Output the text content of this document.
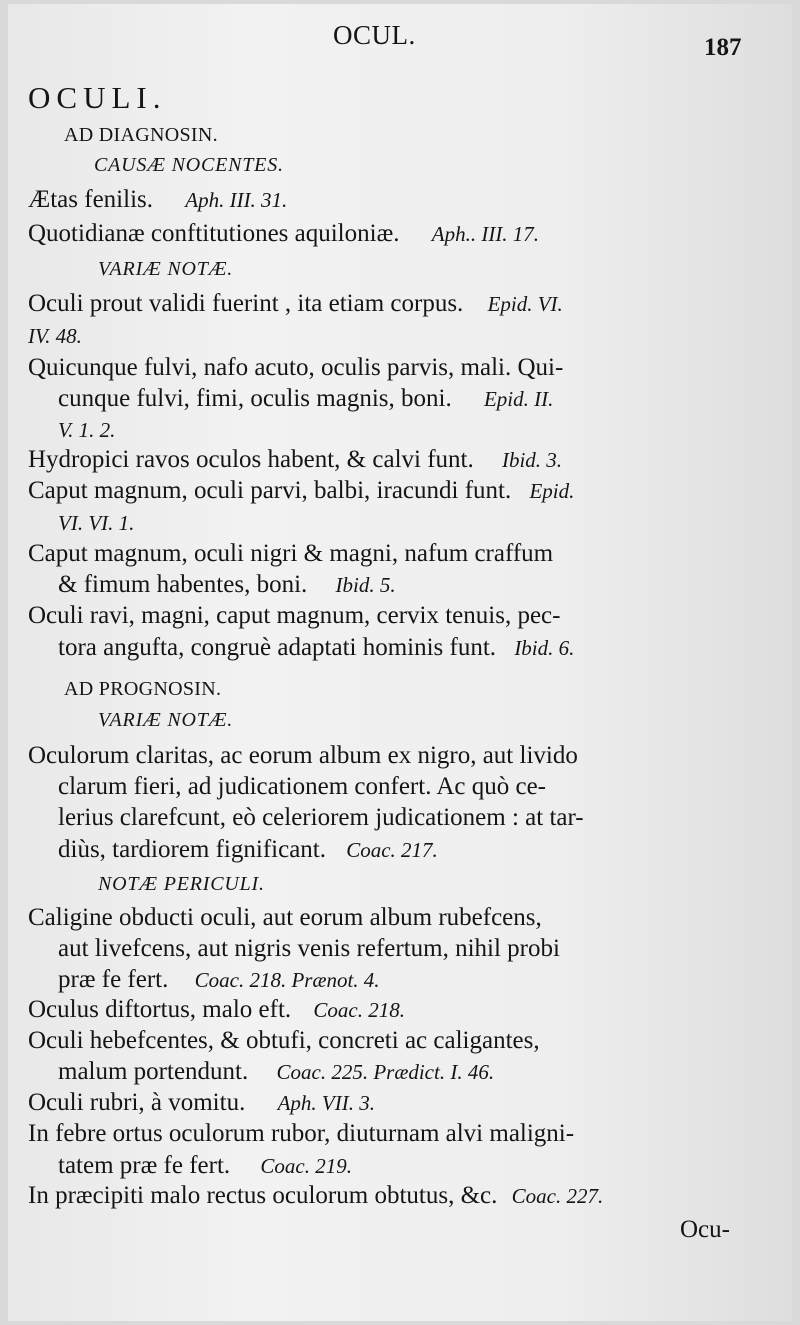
OCUL.	187
OCULI.
AD DIAGNOSIN.
CAUSÆ NOCENTES.
Ætas fenilis. Aph. III. 31.
Quotidianæ conftitutiones aquiloniæ. Aph.. III. 17.
VARIÆ NOTÆ.
Oculi prout validi fuerint , ita etiam corpus. Epid. VI.
IV. 48.
Quicunque fulvi, nafo acuto, oculis parvis, mali. Qui-
cunque fulvi, fimi, oculis magnis, boni. Epid. II.
V. 1. 2.
Hydropici ravos oculos habent, & calvi funt. Ibid. 3.
Caput magnum, oculi parvi, balbi, iracundi funt. Epid.
VI. VI. 1.
Caput magnum, oculi nigri & magni, nafum craffum
& fimum habentes, boni. Ibid. 5.
Oculi ravi, magni, caput magnum, cervix tenuis, pec-
tora angufta, congruè adaptati hominis funt. Ibid. 6.
AD PROGNOSIN.
VARIÆ NOTÆ.
Oculorum claritas, ac eorum album ex nigro, aut livido
clarum fieri, ad judicationem confert. Ac quò ce-
lerius clarefcunt, eò celeriorem judicationem : at tar-
diùs, tardiorem fignificant. Coac. 217.
NOTÆ PERICULI.
Caligine obducti oculi, aut eorum album rubefcens,
aut livefcens, aut nigris venis refertum, nihil probi
præ fe fert. Coac. 218. Prænot. 4.
Oculus diftortus, malo eft. Coac. 218.
Oculi hebefcentes, & obtufi, concreti ac caligantes,
malum portendunt. Coac. 225. Prædict. I. 46.
Oculi rubri, à vomitu. Aph. VII. 3.
In febre ortus oculorum rubor, diuturnam alvi maligni-
tatem præ fe fert. Coac. 219.
In præcipiti malo rectus oculorum obtutus, &c. Coac. 227.
Ocu-
